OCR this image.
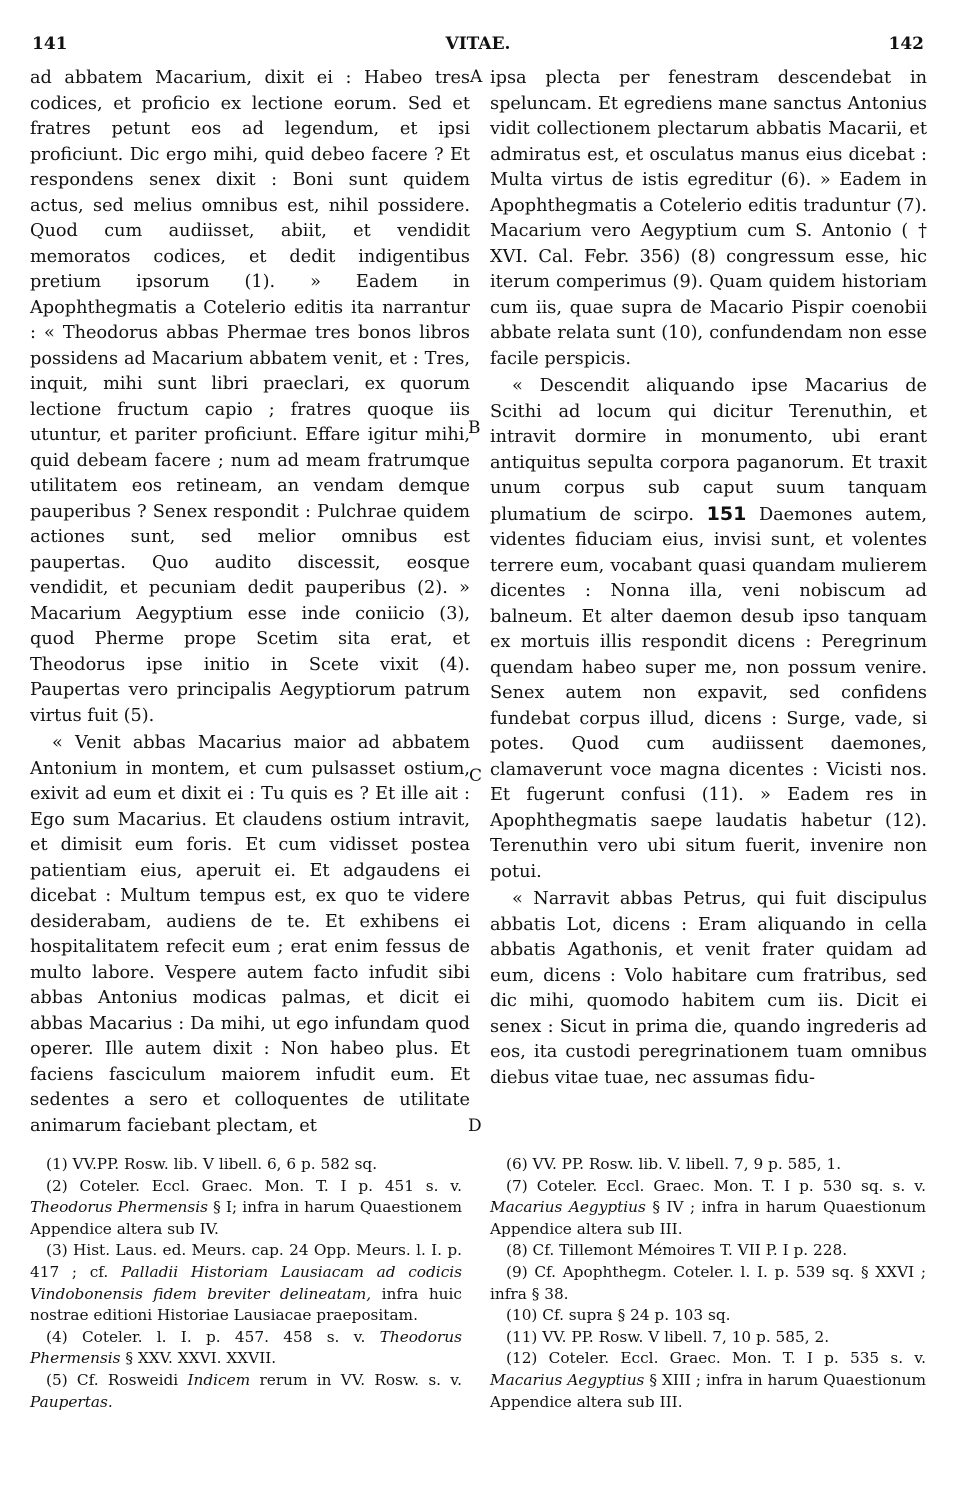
141	VITAE.	142
A
B
C
D

ad abbatem Macarium, dixit ei : Habeo tres codices, et proficio ex lectione eorum. Sed et fratres petunt eos ad legendum, et ipsi proficiunt. Dic ergo mihi, quid debeo facere ? Et respondens senex dixit : Boni sunt quidem actus, sed melius omnibus est, nihil possidere. Quod cum audiisset, abiit, et vendidit memoratos codices, et dedit indigentibus pretium ipsorum (1). » Eadem in Apophthegmatis a Cotelerio editis ita narrantur : « Theodorus abbas Phermae tres bonos libros possidens ad Macarium abbatem venit, et : Tres, inquit, mihi sunt libri praeclari, ex quorum lectione fructum capio ; fratres quoque iis utuntur, et pariter proficiunt. Effare igitur mihi, quid debeam facere ; num ad meam fratrumque utilitatem eos retineam, an vendam demque pauperibus ? Senex respondit : Pulchrae quidem actiones sunt, sed melior omnibus est paupertas. Quo audito discessit, eosque vendidit, et pecuniam dedit pauperibus (2). » Macarium Aegyptium esse inde coniicio (3), quod Pherme prope Scetim sita erat, et Theodorus ipse initio in Scete vixit (4). Paupertas vero principalis Aegyptiorum patrum virtus fuit (5).

« Venit abbas Macarius maior ad abbatem Antonium in montem, et cum pulsasset ostium, exivit ad eum et dixit ei : Tu quis es ? Et ille ait : Ego sum Macarius. Et claudens ostium intravit, et dimisit eum foris. Et cum vidisset postea patientiam eius, aperuit ei. Et adgaudens ei dicebat : Multum tempus est, ex quo te videre desiderabam, audiens de te. Et exhibens ei hospitalitatem refecit eum ; erat enim fessus de multo labore. Vespere autem facto infudit sibi abbas Antonius modicas palmas, et dicit ei abbas Macarius : Da mihi, ut ego infundam quod operer. Ille autem dixit : Non habeo plus. Et faciens fasciculum maiorem infudit eum. Et sedentes a sero et colloquentes de utilitate animarum faciebant plectam, et

ipsa plecta per fenestram descendebat in speluncam. Et egrediens mane sanctus Antonius vidit collectionem plectarum abbatis Macarii, et admiratus est, et osculatus manus eius dicebat : Multa virtus de istis egreditur (6). » Eadem in Apophthegmatis a Cotelerio editis traduntur (7). Macarium vero Aegyptium cum S. Antonio ( † XVI. Cal. Febr. 356) (8) congressum esse, hic iterum comperimus (9). Quam quidem historiam cum iis, quae supra de Macario Pispir coenobii abbate relata sunt (10), confundendam non esse facile perspicis.

« Descendit aliquando ipse Macarius de Scithi ad locum qui dicitur Terenuthin, et intravit dormire in monumento, ubi erant antiquitus sepulta corpora paganorum. Et traxit unum corpus sub caput suum tanquam plumatium de scirpo. 151 Daemones autem, videntes fiduciam eius, invisi sunt, et volentes terrere eum, vocabant quasi quandam mulierem dicentes : Nonna illa, veni nobiscum ad balneum. Et alter daemon desub ipso tanquam ex mortuis illis respondit dicens : Peregrinum quendam habeo super me, non possum venire. Senex autem non expavit, sed confidens fundebat corpus illud, dicens : Surge, vade, si potes. Quod cum audiissent daemones, clamaverunt voce magna dicentes : Vicisti nos. Et fugerunt confusi (11). » Eadem res in Apophthegmatis saepe laudatis habetur (12). Terenuthin vero ubi situm fuerit, invenire non potui.

« Narravit abbas Petrus, qui fuit discipulus abbatis Lot, dicens : Eram aliquando in cella abbatis Agathonis, et venit frater quidam ad eum, dicens : Volo habitare cum fratribus, sed dic mihi, quomodo habitem cum iis. Dicit ei senex : Sicut in prima die, quando ingrederis ad eos, ita custodi peregrinationem tuam omnibus diebus vitae tuae, nec assumas fidu-

(1) VV.PP. Rosw. lib. V libell. 6, 6 p. 582 sq.

(2) Coteler. Eccl. Graec. Mon. T. I p. 451 s. v. Theodorus Phermensis § I; infra in harum Quaestionem Appendice altera sub IV.

(3) Hist. Laus. ed. Meurs. cap. 24 Opp. Meurs. l. I. p. 417 ; cf. Palladii Historiam Lausiacam ad codicis Vindobonensis fidem breviter delineatam, infra huic nostrae editioni Historiae Lausiacae praepositam.

(4) Coteler. l. I. p. 457. 458 s. v. Theodorus Phermensis § XXV. XXVI. XXVII.

(5) Cf. Rosweidi Indicem rerum in VV. Rosw. s. v. Paupertas.

(6) VV. PP. Rosw. lib. V. libell. 7, 9 p. 585, 1.

(7) Coteler. Eccl. Graec. Mon. T. I p. 530 sq. s. v. Macarius Aegyptius § IV ; infra in harum Quaestionum Appendice altera sub III.

(8) Cf. Tillemont Mémoires T. VII P. I p. 228.

(9) Cf. Apophthegm. Coteler. l. I. p. 539 sq. § XXVI ; infra § 38.

(10) Cf. supra § 24 p. 103 sq.

(11) VV. PP. Rosw. V libell. 7, 10 p. 585, 2.

(12) Coteler. Eccl. Graec. Mon. T. I p. 535 s. v. Macarius Aegyptius § XIII ; infra in harum Quaestionum Appendice altera sub III.
